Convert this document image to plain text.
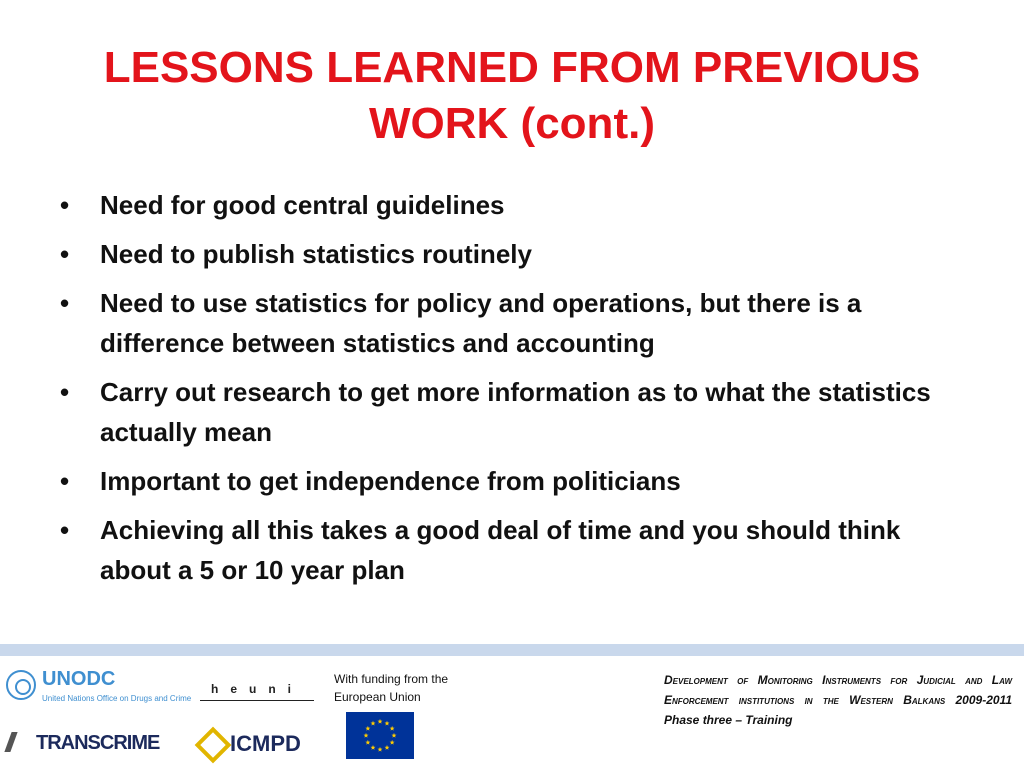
LESSONS LEARNED FROM PREVIOUS
WORK (cont.)
•	Need for good central guidelines
•	Need to publish statistics routinely
•	Need to use statistics for policy and operations, but there is a difference between statistics and accounting
•	Carry out research to get more information as to what the statistics actually mean
•	Important to get independence from politicians
•	Achieving all this takes a good deal of time and you should think about a 5 or 10 year plan
UNODC
United Nations Office on Drugs and Crime
heuni
TRANSCRIME	ICMPD
With funding from the European Union
Development of Monitoring Instruments for Judicial and Law Enforcement institutions in the Western Balkans 2009-2011
Phase three – Training
